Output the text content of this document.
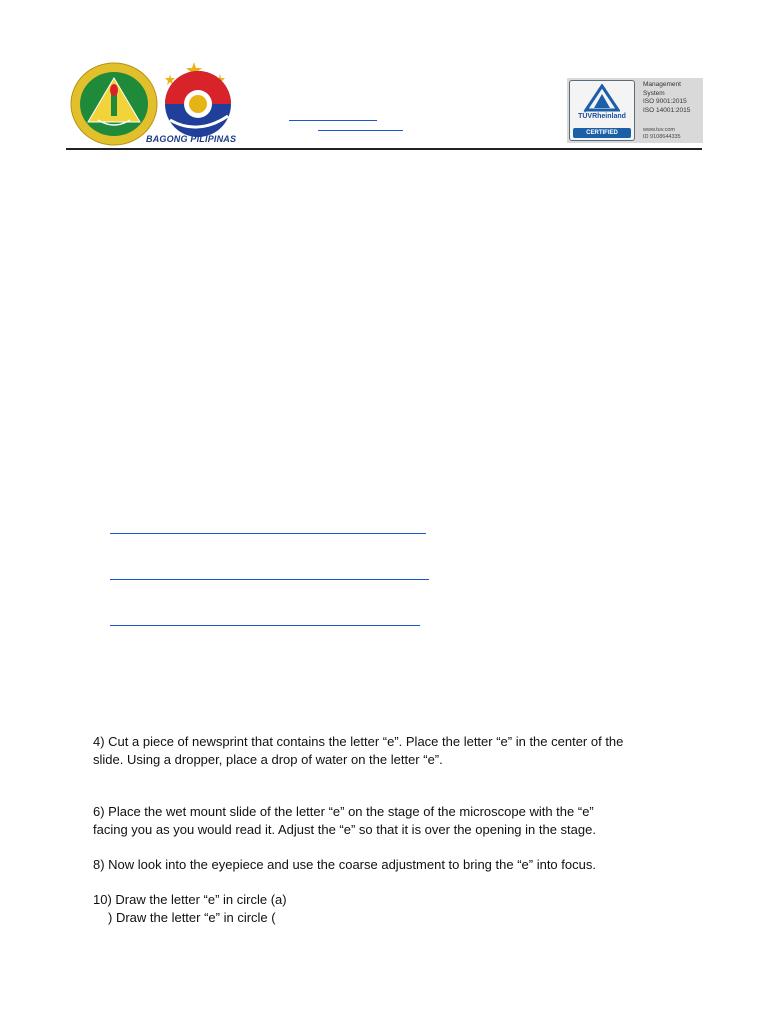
BAGONG PILIPINAS
TÜVRheinland
CERTIFIED
Management
System
ISO 9001:2015
ISO 14001:2015
www.tuv.com
ID 9108644335
4) Cut a piece of newsprint that contains the letter “e”. Place the letter “e” in the center of the
slide. Using a dropper, place a drop of water on the letter “e”.
6) Place the wet mount slide of the letter “e” on the stage of the microscope with the “e”
facing you as you would read it. Adjust the “e” so that it is over the opening in the stage.
8) Now look into the eyepiece and use the coarse adjustment to bring the “e” into focus.
10) Draw the letter “e” in circle (a)
) Draw the letter “e” in circle (
